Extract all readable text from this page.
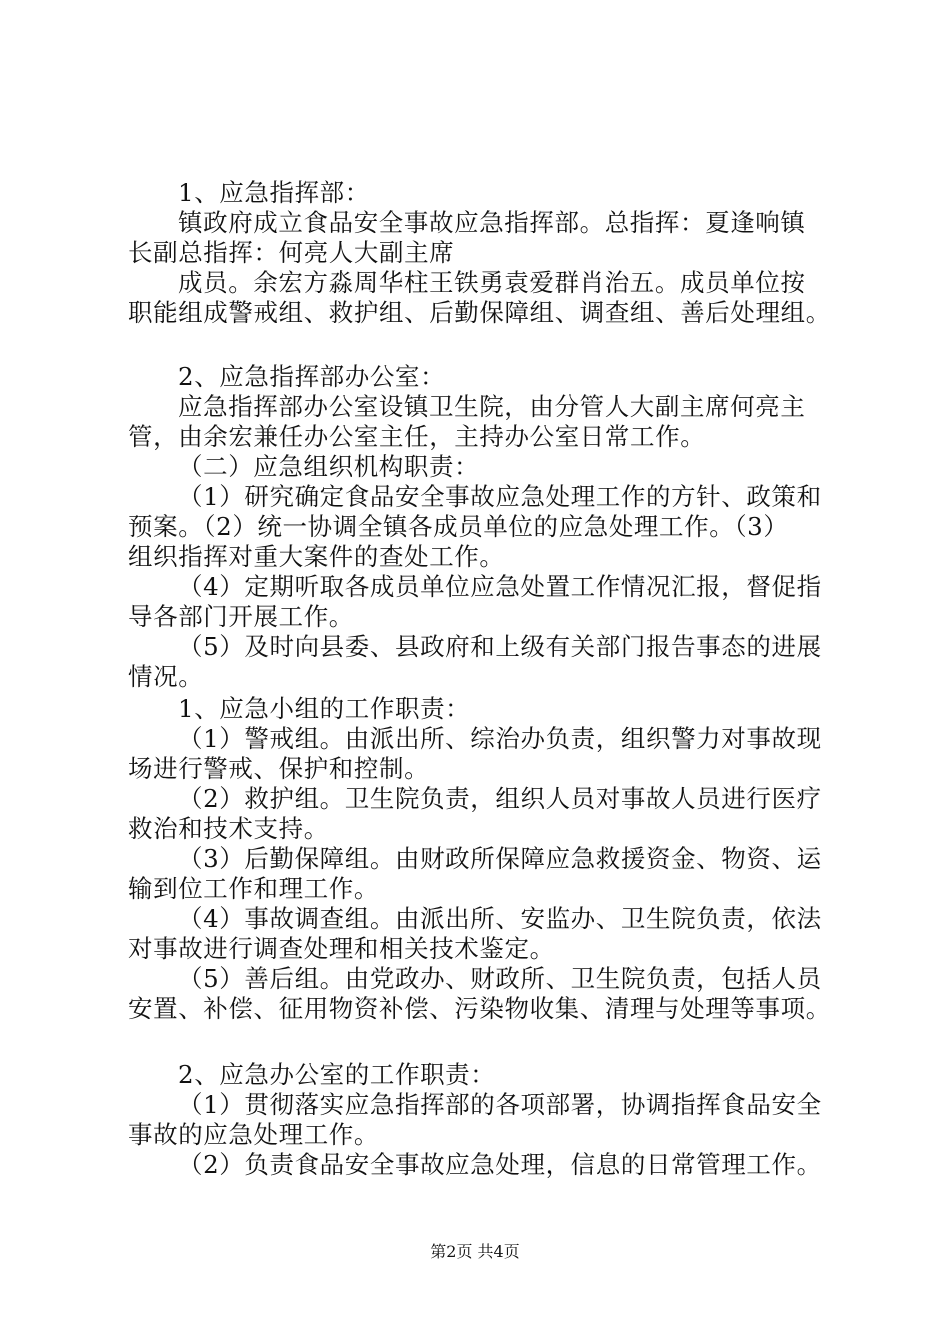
1、应急指挥部：
镇政府成立食品安全事故应急指挥部。总指挥：夏逢响镇
长副总指挥：何亮人大副主席
成员。余宏方淼周华柱王铁勇袁爱群肖治五。成员单位按
职能组成警戒组、救护组、后勤保障组、调查组、善后处理组。
2、应急指挥部办公室：
应急指挥部办公室设镇卫生院，由分管人大副主席何亮主
管，由余宏兼任办公室主任，主持办公室日常工作。
（二）应急组织机构职责：
（1）研究确定食品安全事故应急处理工作的方针、政策和
预案。（2）统一协调全镇各成员单位的应急处理工作。（3）
组织指挥对重大案件的查处工作。
（4）定期听取各成员单位应急处置工作情况汇报，督促指
导各部门开展工作。
（5）及时向县委、县政府和上级有关部门报告事态的进展
情况。
1、应急小组的工作职责：
（1）警戒组。由派出所、综治办负责，组织警力对事故现
场进行警戒、保护和控制。
（2）救护组。卫生院负责，组织人员对事故人员进行医疗
救治和技术支持。
（3）后勤保障组。由财政所保障应急救援资金、物资、运
输到位工作和理工作。
（4）事故调查组。由派出所、安监办、卫生院负责，依法
对事故进行调查处理和相关技术鉴定。
（5）善后组。由党政办、财政所、卫生院负责，包括人员
安置、补偿、征用物资补偿、污染物收集、清理与处理等事项。
2、应急办公室的工作职责：
（1）贯彻落实应急指挥部的各项部署，协调指挥食品安全
事故的应急处理工作。
（2）负责食品安全事故应急处理，信息的日常管理工作。
第2页 共4页
